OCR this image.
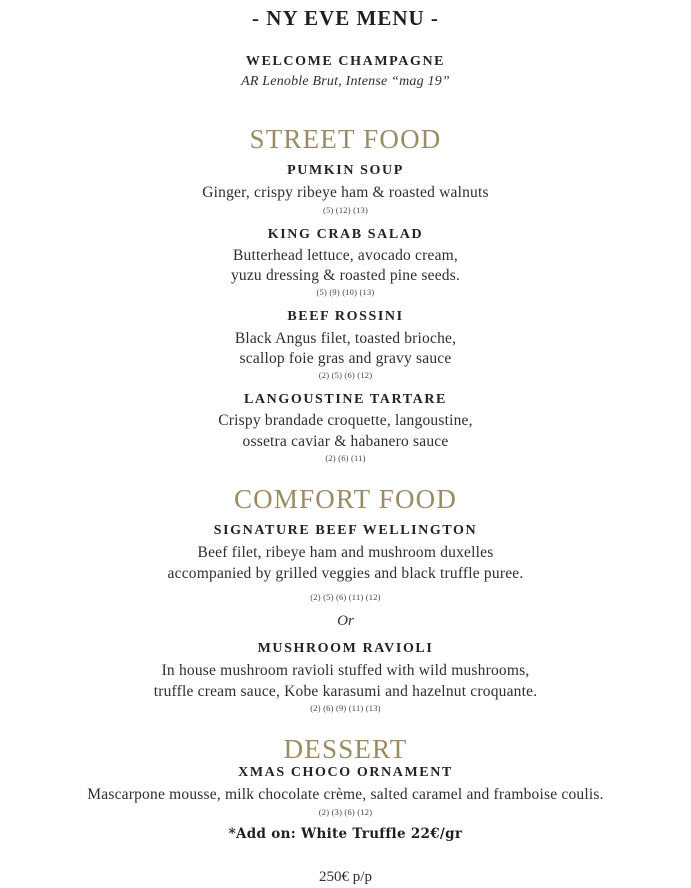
- NY EVE MENU -
WELCOME CHAMPAGNE
AR Lenoble Brut, Intense “mag 19”
STREET FOOD
PUMKIN SOUP
Ginger, crispy ribeye ham & roasted walnuts
(5) (12) (13)
KING CRAB SALAD
Butterhead lettuce, avocado cream,
yuzu dressing & roasted pine seeds.
(5) (9) (10) (13)
BEEF ROSSINI
Black Angus filet, toasted brioche,
scallop foie gras and gravy sauce
(2) (5) (6) (12)
LANGOUSTINE TARTARE
Crispy brandade croquette, langoustine,
ossetra caviar & habanero sauce
(2) (6) (11)
COMFORT FOOD
SIGNATURE BEEF WELLINGTON
Beef filet, ribeye ham and mushroom duxelles
accompanied by grilled veggies and black truffle puree.
(2) (5) (6) (11) (12)
Or
MUSHROOM RAVIOLI
In house mushroom ravioli stuffed with wild mushrooms,
truffle cream sauce, Kobe karasumi and hazelnut croquante.
(2) (6) (9) (11) (13)
DESSERT
XMAS CHOCO ORNAMENT
Mascarpone mousse, milk chocolate crème, salted caramel and framboise coulis.
(2) (3) (6) (12)
*Add on: White Truffle 22€/gr
250€ p/p
